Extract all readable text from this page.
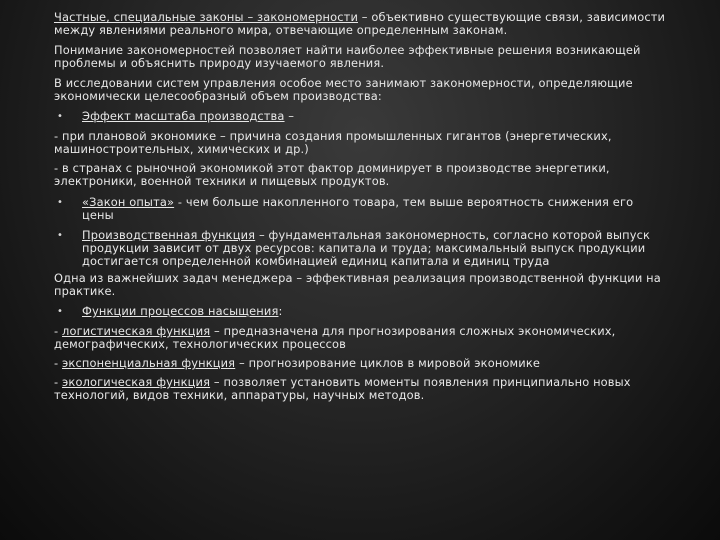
Частные, специальные законы – закономерности – объективно существующие связи, зависимости между явлениями реального мира, отвечающие определенным законам.

Понимание закономерностей позволяет найти наиболее эффективные решения возникающей проблемы и объяснить природу изучаемого явления.

В исследовании систем управления особое место занимают закономерности, определяющие экономически целесообразный объем производства:

• Эффект масштаба производства –

- при плановой экономике – причина создания промышленных гигантов (энергетических, машиностроительных, химических и др.)

- в странах с рыночной экономикой этот фактор доминирует в производстве энергетики, электроники, военной техники и пищевых продуктов.

• «Закон опыта» - чем больше накопленного товара, тем выше вероятность снижения его цены
• Производственная функция – фундаментальная закономерность, согласно которой выпуск продукции зависит от двух ресурсов: капитала и труда; максимальный выпуск продукции достигается определенной комбинацией единиц капитала и единиц труда

Одна из важнейших задач менеджера – эффективная реализация производственной функции на практике.

• Функции процессов насыщения:

- логистическая функция – предназначена для прогнозирования сложных экономических, демографических, технологических процессов

- экспоненциальная функция – прогнозирование циклов в мировой экономике

- экологическая функция – позволяет установить моменты появления принципиально новых технологий, видов техники, аппаратуры, научных методов.
